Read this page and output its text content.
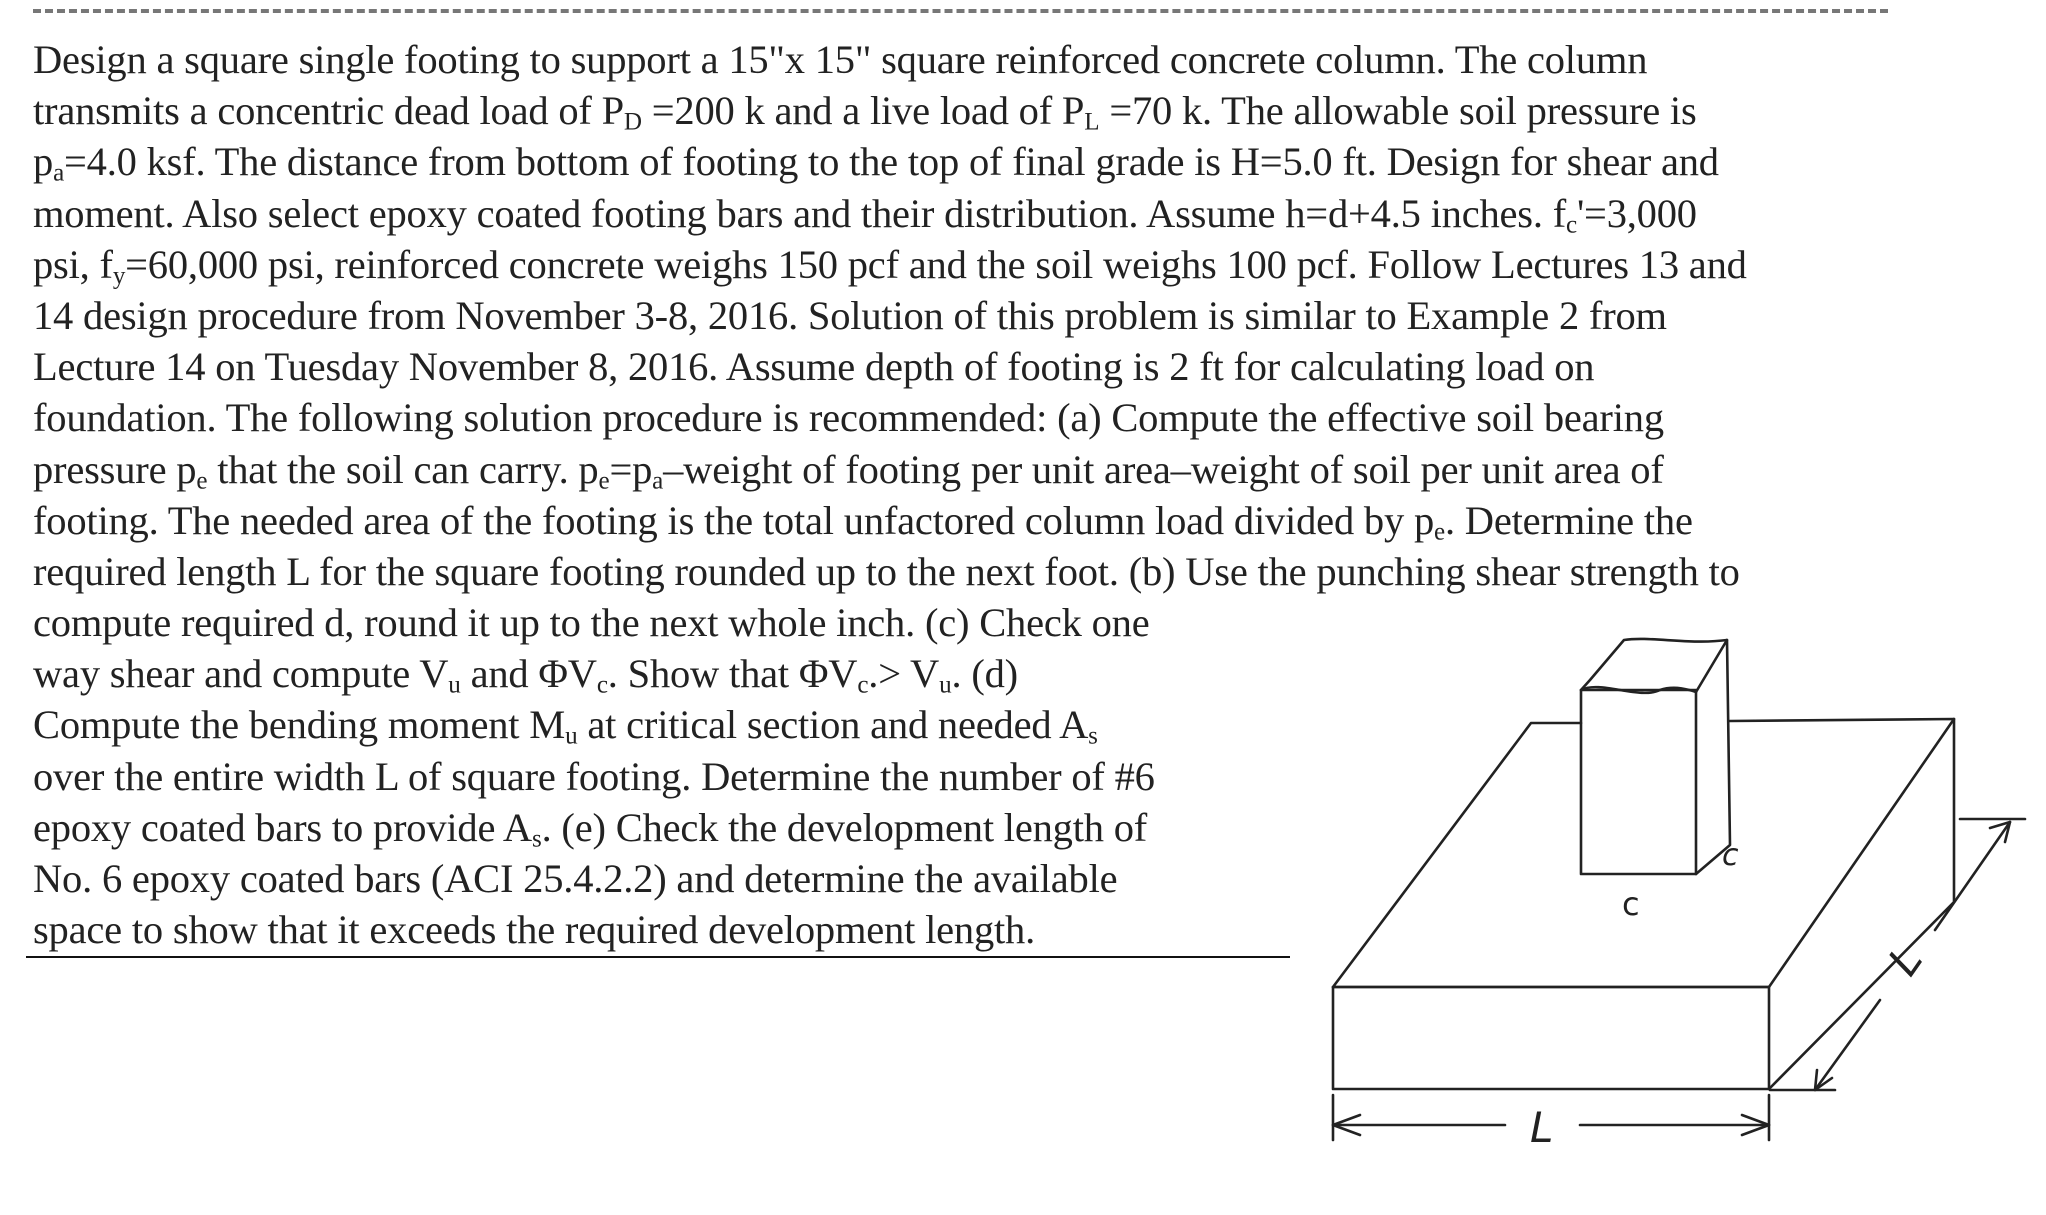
Design a square single footing to support a 15"x 15" square reinforced concrete column. The column
transmits a concentric dead load of $P_D =200$ k and a live load of $P_L =70$ k. The allowable soil pressure is
$p_a=4.0$ ksf. The distance from bottom of footing to the top of final grade is H=5.0 ft. Design for shear and
moment. Also select epoxy coated footing bars and their distribution. Assume h=d+4.5 inches. $f_c'=3,000$
psi, $f_y=60,000$ psi, reinforced concrete weighs 150 pcf and the soil weighs 100 pcf. Follow Lectures 13 and
14 design procedure from November 3-8, 2016. Solution of this problem is similar to Example 2 from
Lecture 14 on Tuesday November 8, 2016. Assume depth of footing is 2 ft for calculating load on
foundation. The following solution procedure is recommended: (a) Compute the effective soil bearing
pressure $p_e$ that the soil can carry. $p_e=p_a$–weight of footing per unit area–weight of soil per unit area of
footing. The needed area of the footing is the total unfactored column load divided by $p_e$. Determine the
required length L for the square footing rounded up to the next foot. (b) Use the punching shear strength to
compute required d, round it up to the next whole inch. (c) Check one
way shear and compute $V_u$ and $\Phi V_c$. Show that $\Phi V_c.> V_u$. (d)
Compute the bending moment $M_u$ at critical section and needed $A_s$
over the entire width L of square footing. Determine the number of #6
epoxy coated bars to provide $A_s$. (e) Check the development length of
No. 6 epoxy coated bars (ACI 25.4.2.2) and determine the available
space to show that it exceeds the required development length.
L
L
c
c
